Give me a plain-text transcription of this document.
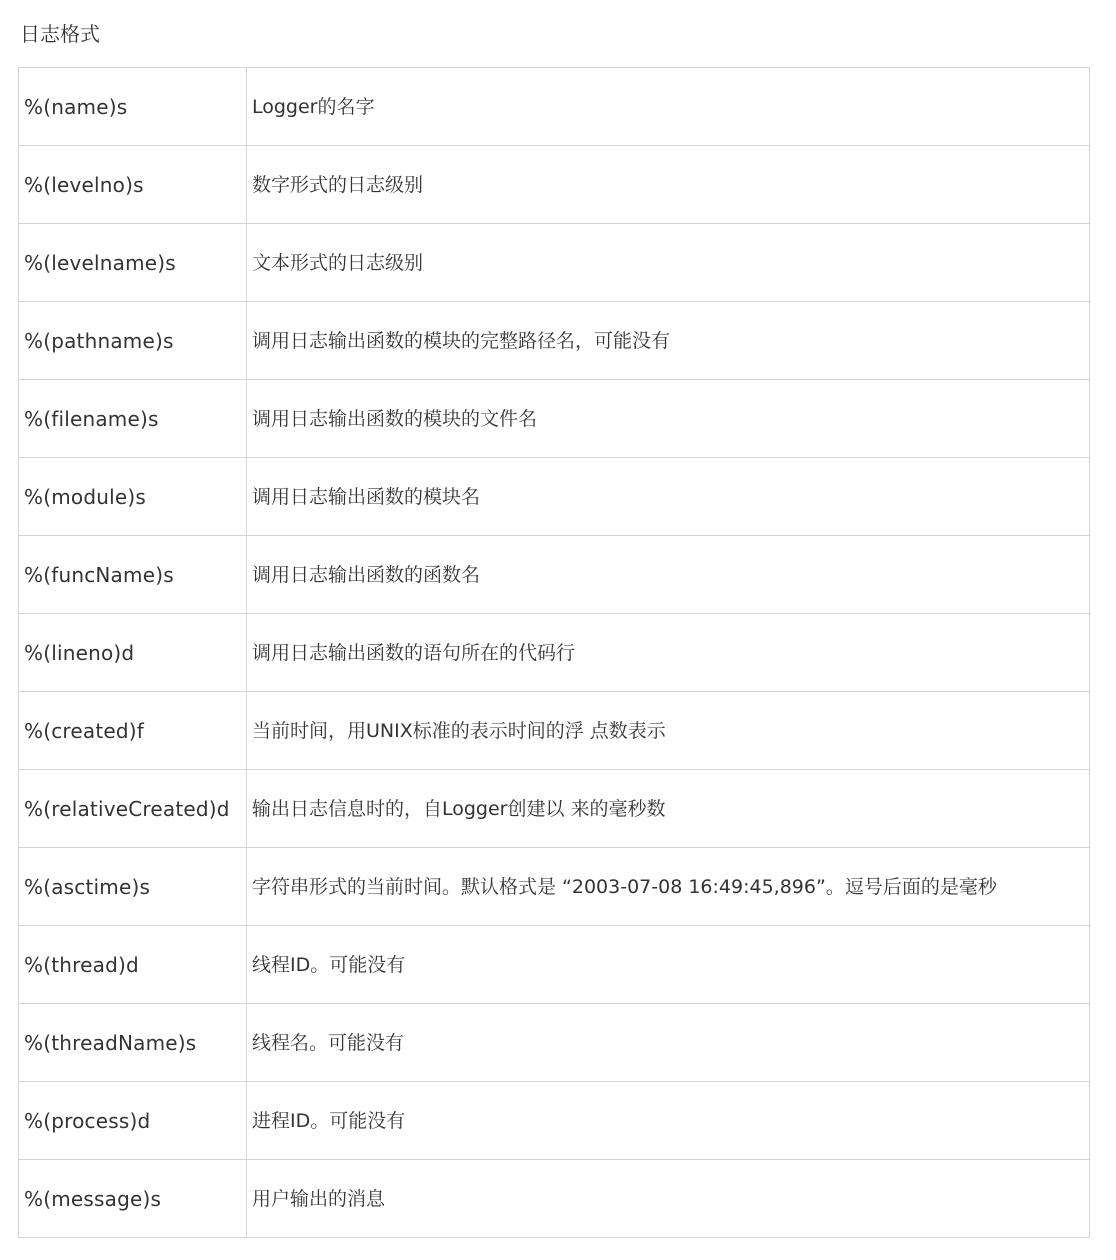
日志格式
%(name)s	Logger的名字
%(levelno)s	数字形式的日志级别
%(levelname)s	文本形式的日志级别
%(pathname)s	调用日志输出函数的模块的完整路径名，可能没有
%(filename)s	调用日志输出函数的模块的文件名
%(module)s	调用日志输出函数的模块名
%(funcName)s	调用日志输出函数的函数名
%(lineno)d	调用日志输出函数的语句所在的代码行
%(created)f	当前时间，用UNIX标准的表示时间的浮 点数表示
%(relativeCreated)d	输出日志信息时的，自Logger创建以 来的毫秒数
%(asctime)s	字符串形式的当前时间。默认格式是 “2003-07-08 16:49:45,896”。逗号后面的是毫秒
%(thread)d	线程ID。可能没有
%(threadName)s	线程名。可能没有
%(process)d	进程ID。可能没有
%(message)s	用户输出的消息
